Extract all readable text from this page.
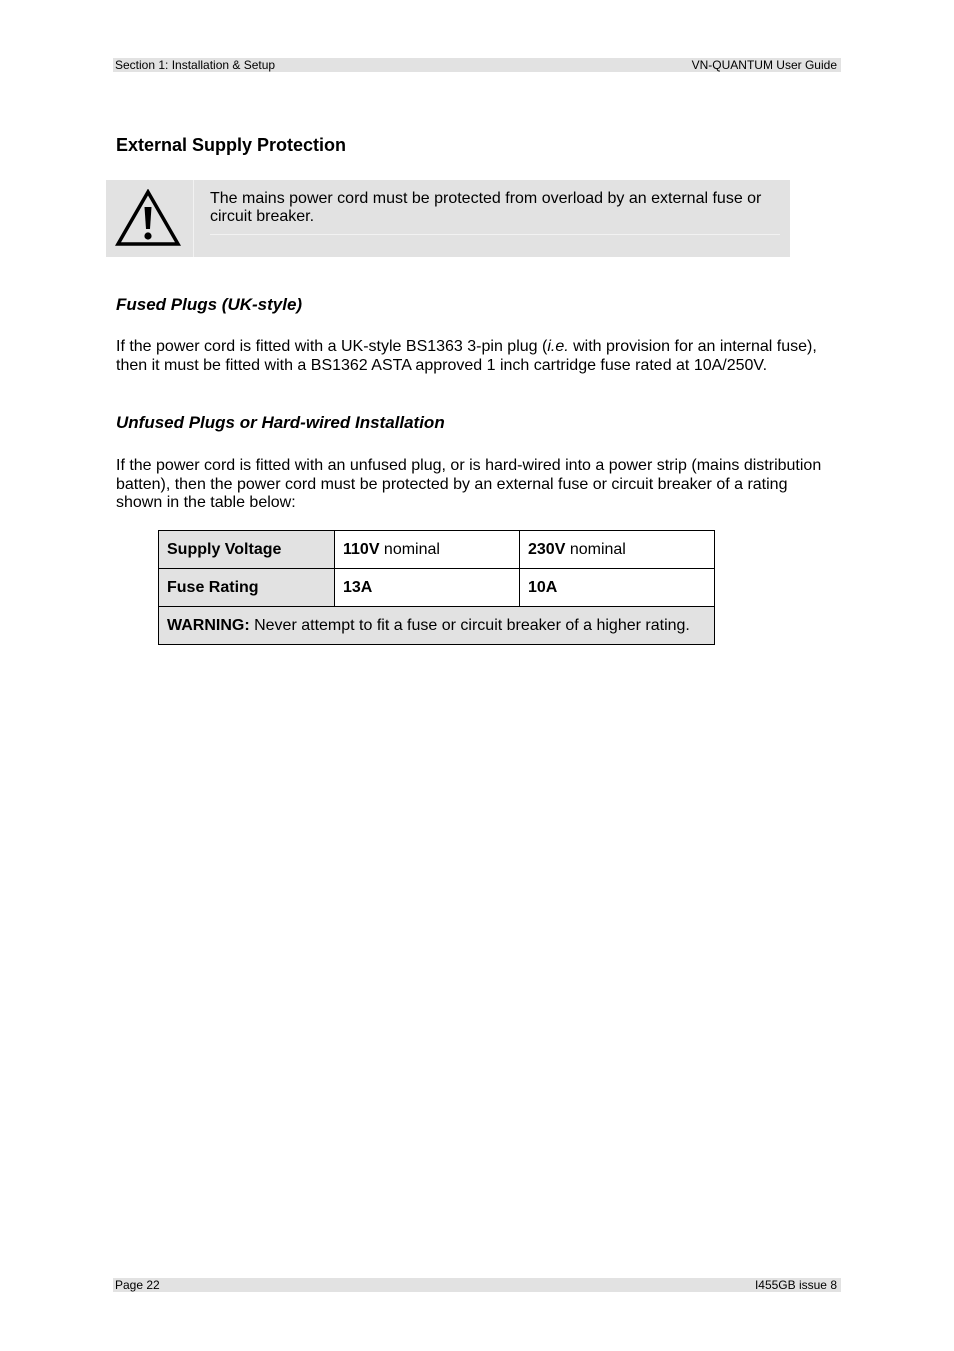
Section 1: Installation & Setup	VN-QUANTUM User Guide
External Supply Protection
The mains power cord must be protected from overload by an external fuse or circuit breaker.
Fused Plugs (UK-style)

If the power cord is fitted with a UK-style BS1363 3-pin plug (i.e. with provision for an internal fuse), then it must be fitted with a BS1362 ASTA approved 1 inch cartridge fuse rated at 10A/250V.

Unfused Plugs or Hard-wired Installation

If the power cord is fitted with an unfused plug, or is hard-wired into a power strip (mains distribution batten), then the power cord must be protected by an external fuse or circuit breaker of a rating shown in the table below:

Supply Voltage	110V nominal	230V nominal
Fuse Rating	13A	10A
WARNING: Never attempt to fit a fuse or circuit breaker of a higher rating.		
Page 22	I455GB issue 8
